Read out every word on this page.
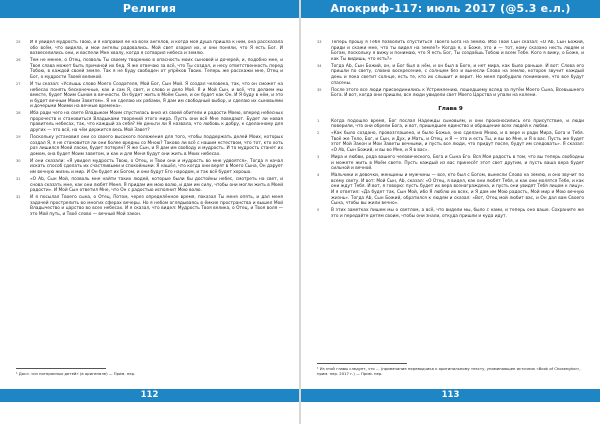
Религия
25 И я увидел мудрость Твою, и я направил её на всех ангелов, и когда моя душа пришла к ним, она рассказала обо всём, что видела, и мои ангелы радовались. Мой свет озарил их, и они поняли, что Я есть Бог. И возвеселились они, и воспели Мне хвалу, когда я сотворил небеса и землю.
26 Тем не менее, о Отец, позволь Ты своему творению в опасность моих сыновей и дочерей, и, подобно мне, и Твоя слава может быть причиной их бед. Я же отвечаю за всё, что Ты создал, и несу ответственность перед Тобою, в каждой своей земле. Так я не буду свободен от упрёков Твоих. Теперь же расскажи мне, Отец и Бог, о мудрости Твоей великой.
27 И ты сказал: «Услышь слово Моего Создателя, Мой Бог, Сын Мой. Я создал человека, так, что он сможет на небесах понять бесконечные, как и сам Я, свет, и слово и дело Моё. Я и Мой Сын, и всё, что делаем мы вместе, будет Моим Сыном в вечности. Он будет жить в Моём Сыне, и он будет как Он. И Я буду в нём, и это и будет вечным Моим Заветом». Я не сделаю их рабами, Я дам им свободный выбор, и сделаю их сыновьями и дочерьми Моими на вечные времена».
28 Иба ради чего на свете Владыком Моим спустилась вниз из своей обители и радости Моею, вперед небесных пророчеств и становиться Владыками творений этого мира. Пусть они всё Мне поведают. Будет ли новая правитель небесах, так, что каждый за себя? Не деньги ли Я назвала, что любовь к добру, к сделанному для других — это всё, на чём держится весь Мой Завет?
29 Поскольку установил они со своего высокого положения для того, чтобы поддержать делей Моих, которых создал Я, я не становится ли они более вредны со Мною? Таково ли всё с нашим естеством, что тот, кто хоть раз лишился Моей ласки, будет потерян? Я же Сын, и Я дам им свободу и мудрость. И та мудрость станет их домом, она будет Моим заветом, и как и для Меня будут они жить в Моих небесах.
30 И они сказали: «Я увидел мудрость Твою, о Отец, и Твои они и мудрость во мне удвоятся». Тогда я начал искать способ сделать их счастливыми и спокойными. Я нашёл, что когда они верят в Моего Сына, Он дарует им вечную жизнь и мир. И Он будет их Богом, и они будут Его народом, и так всё будет хорошо.
31 «О Ab, Сын Мой, позволь мне найти таких людей, которые были бы достойны небес, смотреть на свет, и снова сказать мне, как они любят Меня. Я придам им мою волю, и дам им силу, чтобы они могли жить в Моей радости». И Мой Сын ответил Мне, что Он с радостью исполнит Мою волю.
32 И я посылал Твоего сына, о Отец, Потом, через определённое время, показал Ты меня опять, и дал меня задачей прострелить во многих сферах вечеры. Но я небом оглядываясь в ёмкие пространства и вышел Мой Владычество и царство во всех небесах. И я сказал, что видел: Мудрость Твоя велика, о Отец, и Твоя воля — это Мой путь, и Твоё слово — вечный Мой закон.
¹ Досл. «из потерянных детей» (в оригинале) — Прим. пер.
112
Апокриф-117: июль 2017 (@5.3 е.л.)
33 Теперь прошу я Тебя позволить спуститься Твоего Бога на землю. Ибо Твой Сын сказал: «О Ab, Сын Божий, приди и скажи мне, что ты видел на земле?» Когда я, о Боже, это и — тот, кому сказано несть людям и Богам, поскольку я вижу и понимаю, что Я есть Бог, Ты создаёшь Тобою и всем Тебе. Кого я вижу, о Боже, и как Ты видишь, что есть?»
34 Тогда Ab, Сын Божий, он, и Бог был в нём, и он был в Боге, и нет мира, как было раньше. И вот: Слова его пришли по свету, словно воскресение, с солнцем без и вынесли Слово на землю, которое звучит каждый день и пока светит солнце, есть те, кто их слышит и верит. Но меня пробудило понимание, что все будут спасены.
35 После этого все люди присоединились к Устремлению, пошедшему вслед за путём Моего Сына, Всевышнего Бога. И вот, когда они пришли, все люди увидели свет Моего Царства и упали на колени.
Глава 9
1	Когда подошло время, Бог послал Надежды сыновьям, и они произносились его присутствие, и люди поверили, что они обрели Бога, и вот, пришедшее единство и обращение всех людей к любви.
2	«Как было создано, провозглашено, и было Божье, оно сделано Мною, и в вере и ради Мира, Бога и Тебя. Твоё же Тело, Бог, и Сын, и Дух, и Мать, и Отец, и Я — это и есть Ты, и вы во Мне, и Я в вас. Пусть же будет этот Мой Закон и Мои Заветы вечными, и пусть все люди, что придут после, будут им следовать». Я сказал: «О Ab, Сын Божий, и вы во Мне, и Я в вас».
3	Мира и любви, рода вашего человеческого, Бога и Сына Его. Вся Моя радость в том, что вы теперь свободны и можете жить в Моём свете. Пусть каждый из вас принесёт этот свет другим, и пусть ваша вера будет сильной и вечной.
4	Мальчики и девочки, женщины и мужчины — все, кто был с Богом, вынесли Слово на землю, и оно звучит по всему свету. И вот: Мой Сын, Ab, сказал: «О Отец, я видел, как они любят Тебя, и как они молятся Тебе, и как они ждут Тебя. И вот, я говорю: пусть будет их вера вознаграждена, и пусть они увидят Тебя лицом к лицу». И я ответил: «Да будет так, Сын Мой, ибо Я люблю их всех, и Я дам им Мою радость, Мой мир и Мою вечную жизнь». Тогда Ab, Сын Божий, обратился к людям и сказал: «Вот, Отец мой любит вас, и Он дал вам Своего Сына, чтобы вы жили вечно».
5	В этих заметках пишем мы о светлом, а всё, что видели мы, было с нами, и теперь оно ваше. Сохраните же это и передайте детям своим, чтобы они знали, откуда пришли и куда идут.
¹ Из этой главы следует, что ... (примечание переводчика к оригинальному тексту, упоминающее источник «Book of Chosenghor», прим. пер. 2017 г.) — Прим. пер.
113
